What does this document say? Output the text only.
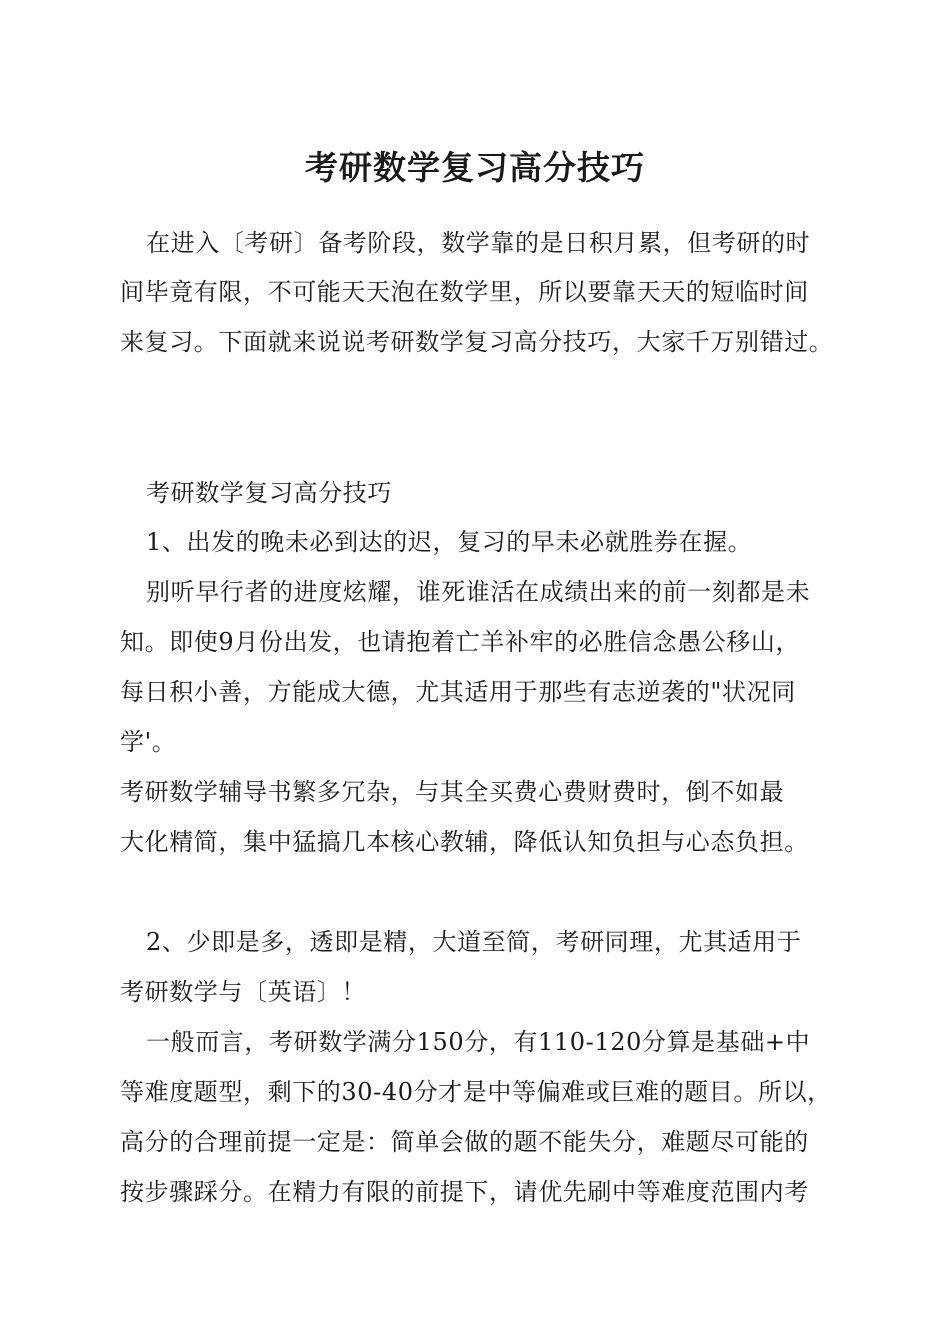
考研数学复习高分技巧
在进入〔考研〕备考阶段，数学靠的是日积月累，但考研的时
间毕竟有限，不可能天天泡在数学里，所以要靠天天的短临时间
来复习。下面就来说说考研数学复习高分技巧，大家千万别错过。
考研数学复习高分技巧
1、出发的晚未必到达的迟，复习的早未必就胜券在握。
别听早行者的进度炫耀，谁死谁活在成绩出来的前一刻都是未
知。即使9月份出发，也请抱着亡羊补牢的必胜信念愚公移山，
每日积小善，方能成大德，尤其适用于那些有志逆袭的"状况同
学'。
考研数学辅导书繁多冗杂，与其全买费心费财费时，倒不如最
大化精简，集中猛搞几本核心教辅，降低认知负担与心态负担。
2、少即是多，透即是精，大道至简，考研同理，尤其适用于
考研数学与〔英语〕！
一般而言，考研数学满分150分，有110-120分算是基础+中
等难度题型，剩下的30-40分才是中等偏难或巨难的题目。所以，
高分的合理前提一定是：简单会做的题不能失分，难题尽可能的
按步骤踩分。在精力有限的前提下，请优先刷中等难度范围内考
